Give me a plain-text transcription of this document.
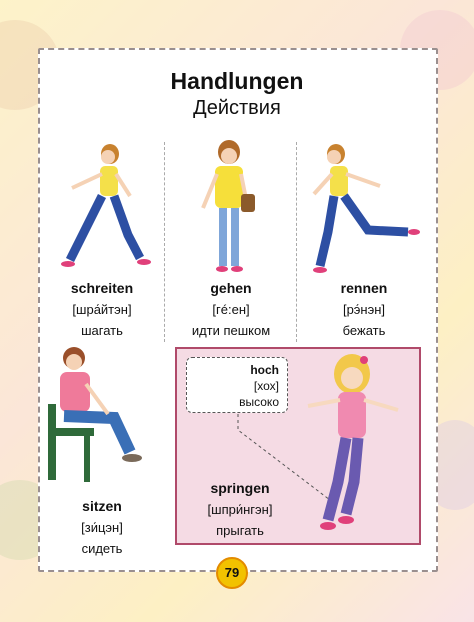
Handlungen
Действия
schreiten
[шра́йтэн]
шагать
gehen
[гé:ен]
идти пешком
rennen
[рэ́нэн]
бежать
sitzen
[зи́цэн]
сидеть
hoch
[хох]
высоко
springen
[шпри́нгэн]
прыгать
79
